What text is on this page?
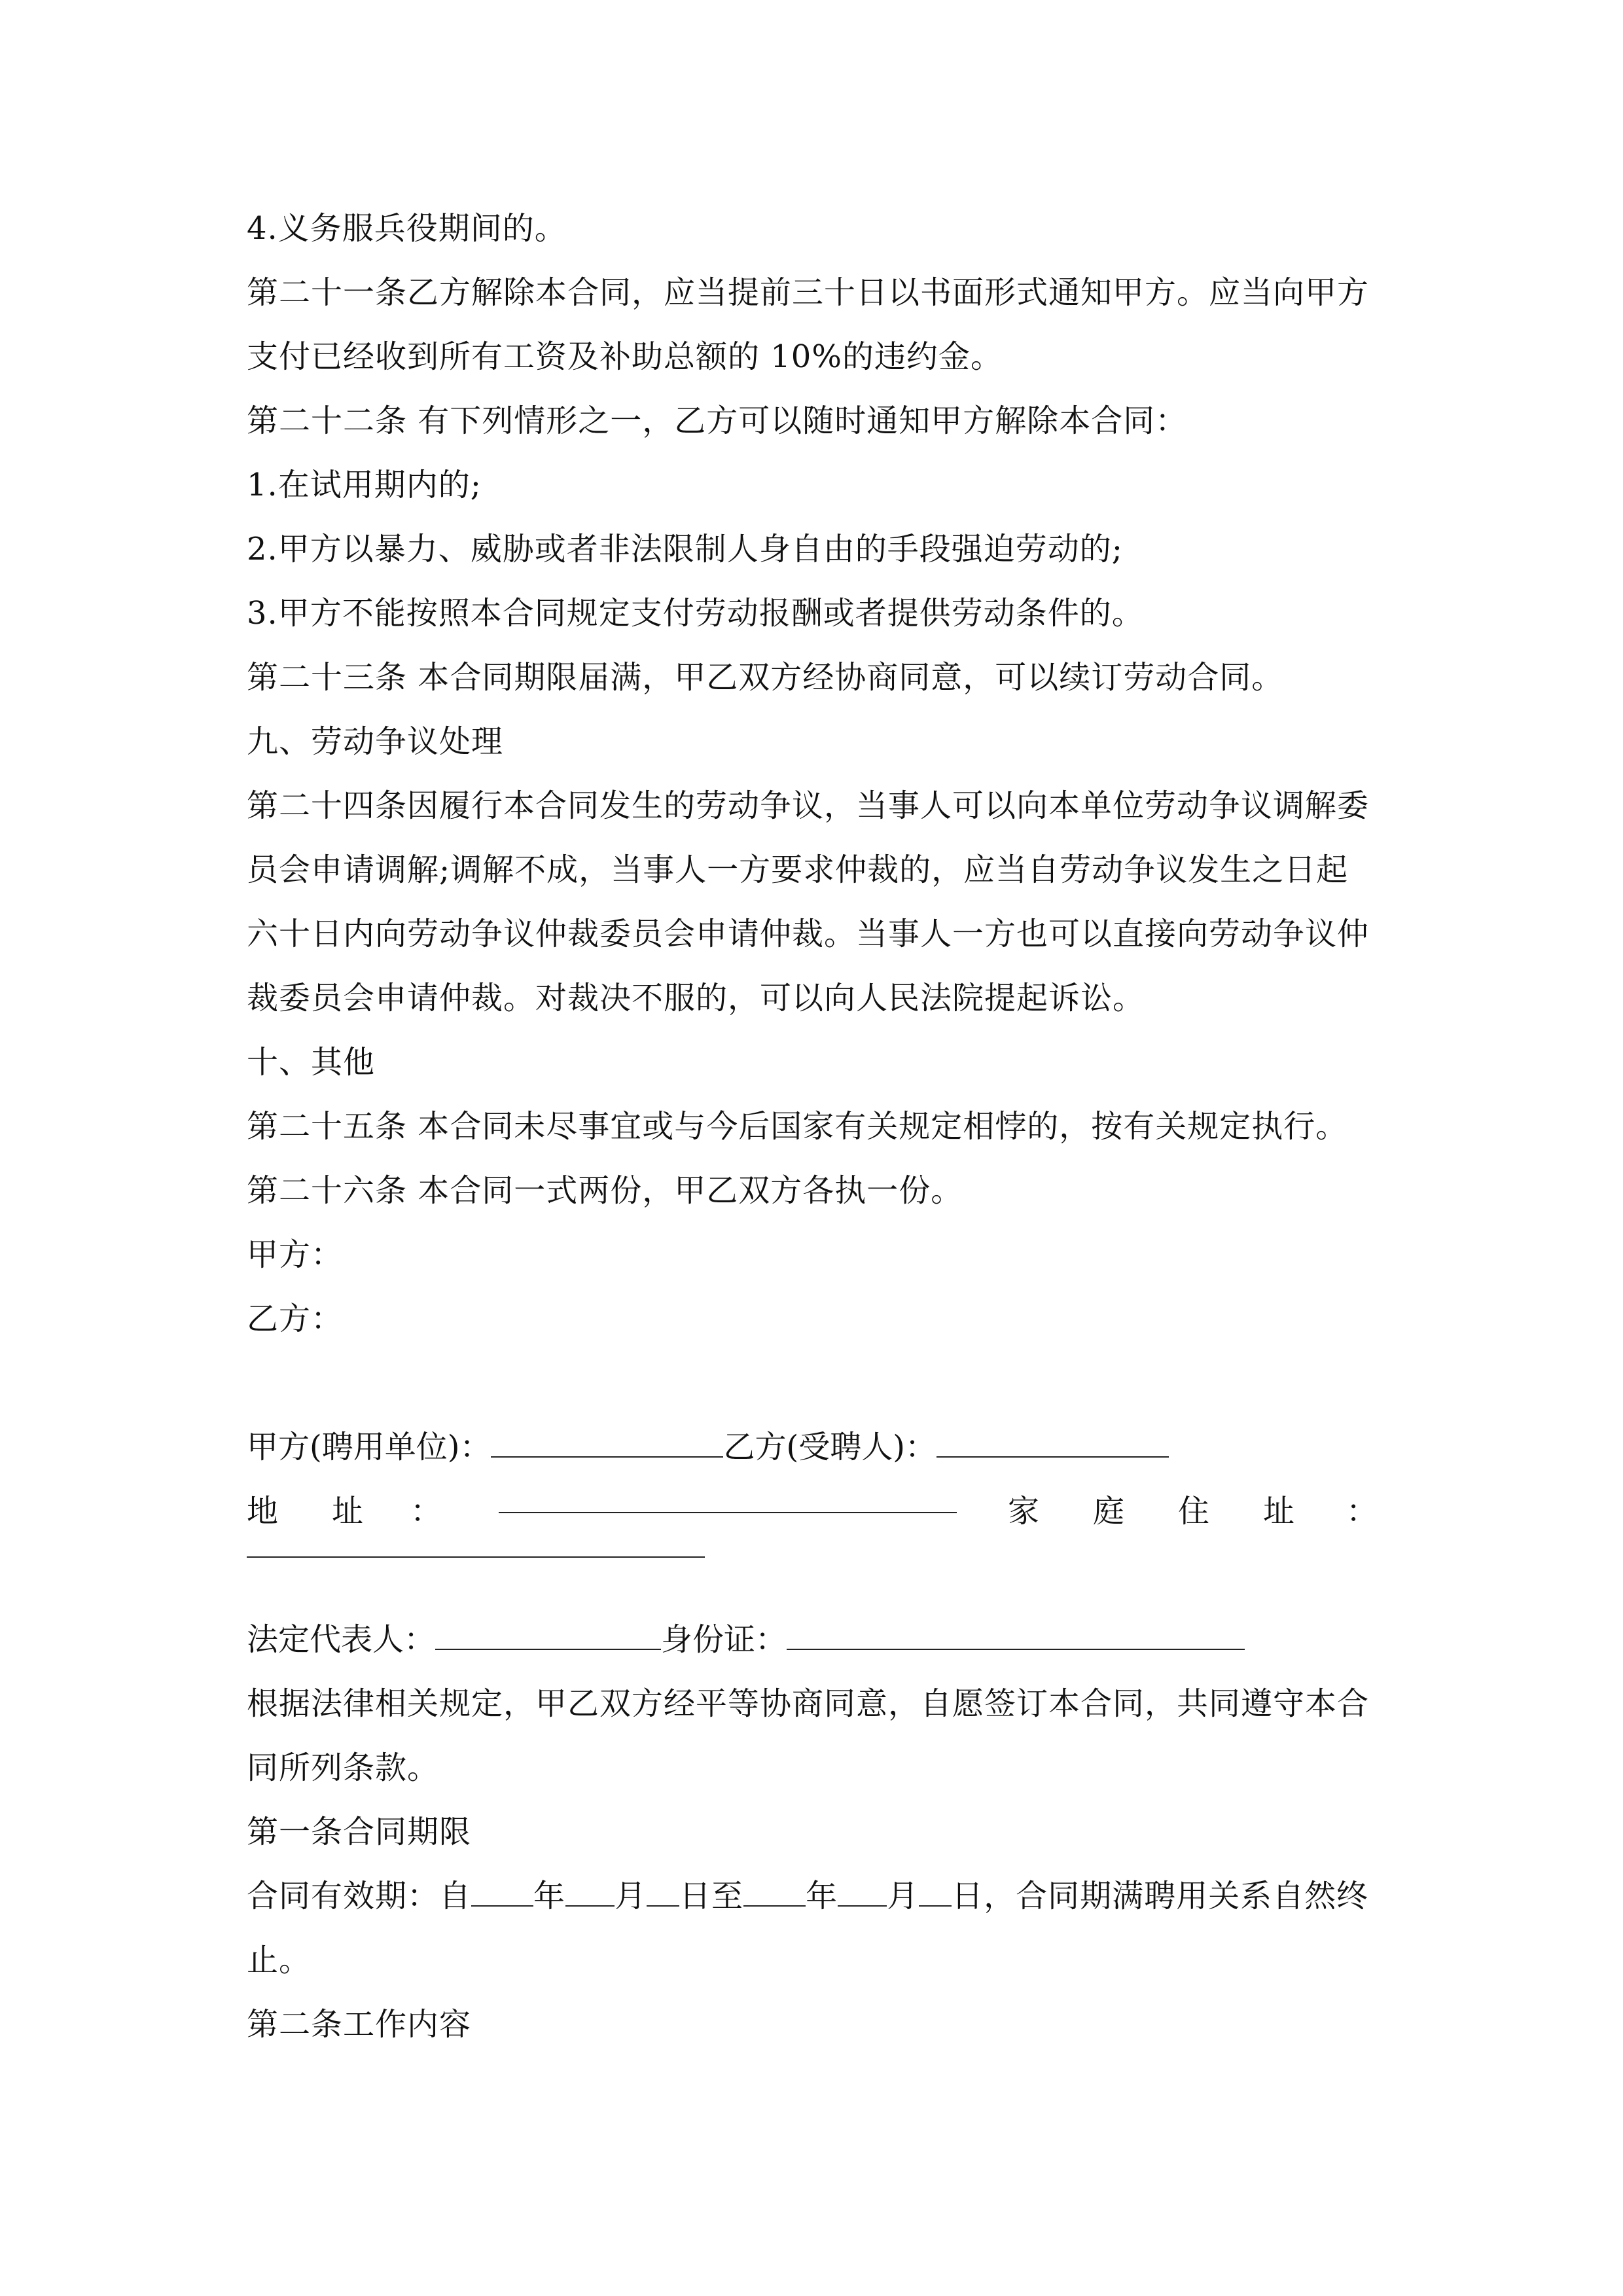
4.义务服兵役期间的。
第二十一条乙方解除本合同，应当提前三十日以书面形式通知甲方。应当向甲方
支付已经收到所有工资及补助总额的 10%的违约金。
第二十二条 有下列情形之一，乙方可以随时通知甲方解除本合同：
1.在试用期内的;
2.甲方以暴力、威胁或者非法限制人身自由的手段强迫劳动的;
3.甲方不能按照本合同规定支付劳动报酬或者提供劳动条件的。
第二十三条 本合同期限届满，甲乙双方经协商同意，可以续订劳动合同。
九、劳动争议处理
第二十四条因履行本合同发生的劳动争议，当事人可以向本单位劳动争议调解委
员会申请调解;调解不成，当事人一方要求仲裁的，应当自劳动争议发生之日起
六十日内向劳动争议仲裁委员会申请仲裁。当事人一方也可以直接向劳动争议仲
裁委员会申请仲裁。对裁决不服的，可以向人民法院提起诉讼。
十、其他
第二十五条 本合同未尽事宜或与今后国家有关规定相悖的，按有关规定执行。
第二十六条 本合同一式两份，甲乙双方各执一份。
甲方：
乙方：
甲方(聘用单位)：	乙方(受聘人)：
地 址 ：	家 庭 住 址 ：
法定代表人：	身份证：
根据法律相关规定，甲乙双方经平等协商同意，自愿签订本合同，共同遵守本合
同所列条款。
第一条合同期限
合同有效期：自 年 月 日至 年 月 日，合同期满聘用关系自然终
止。
第二条工作内容
